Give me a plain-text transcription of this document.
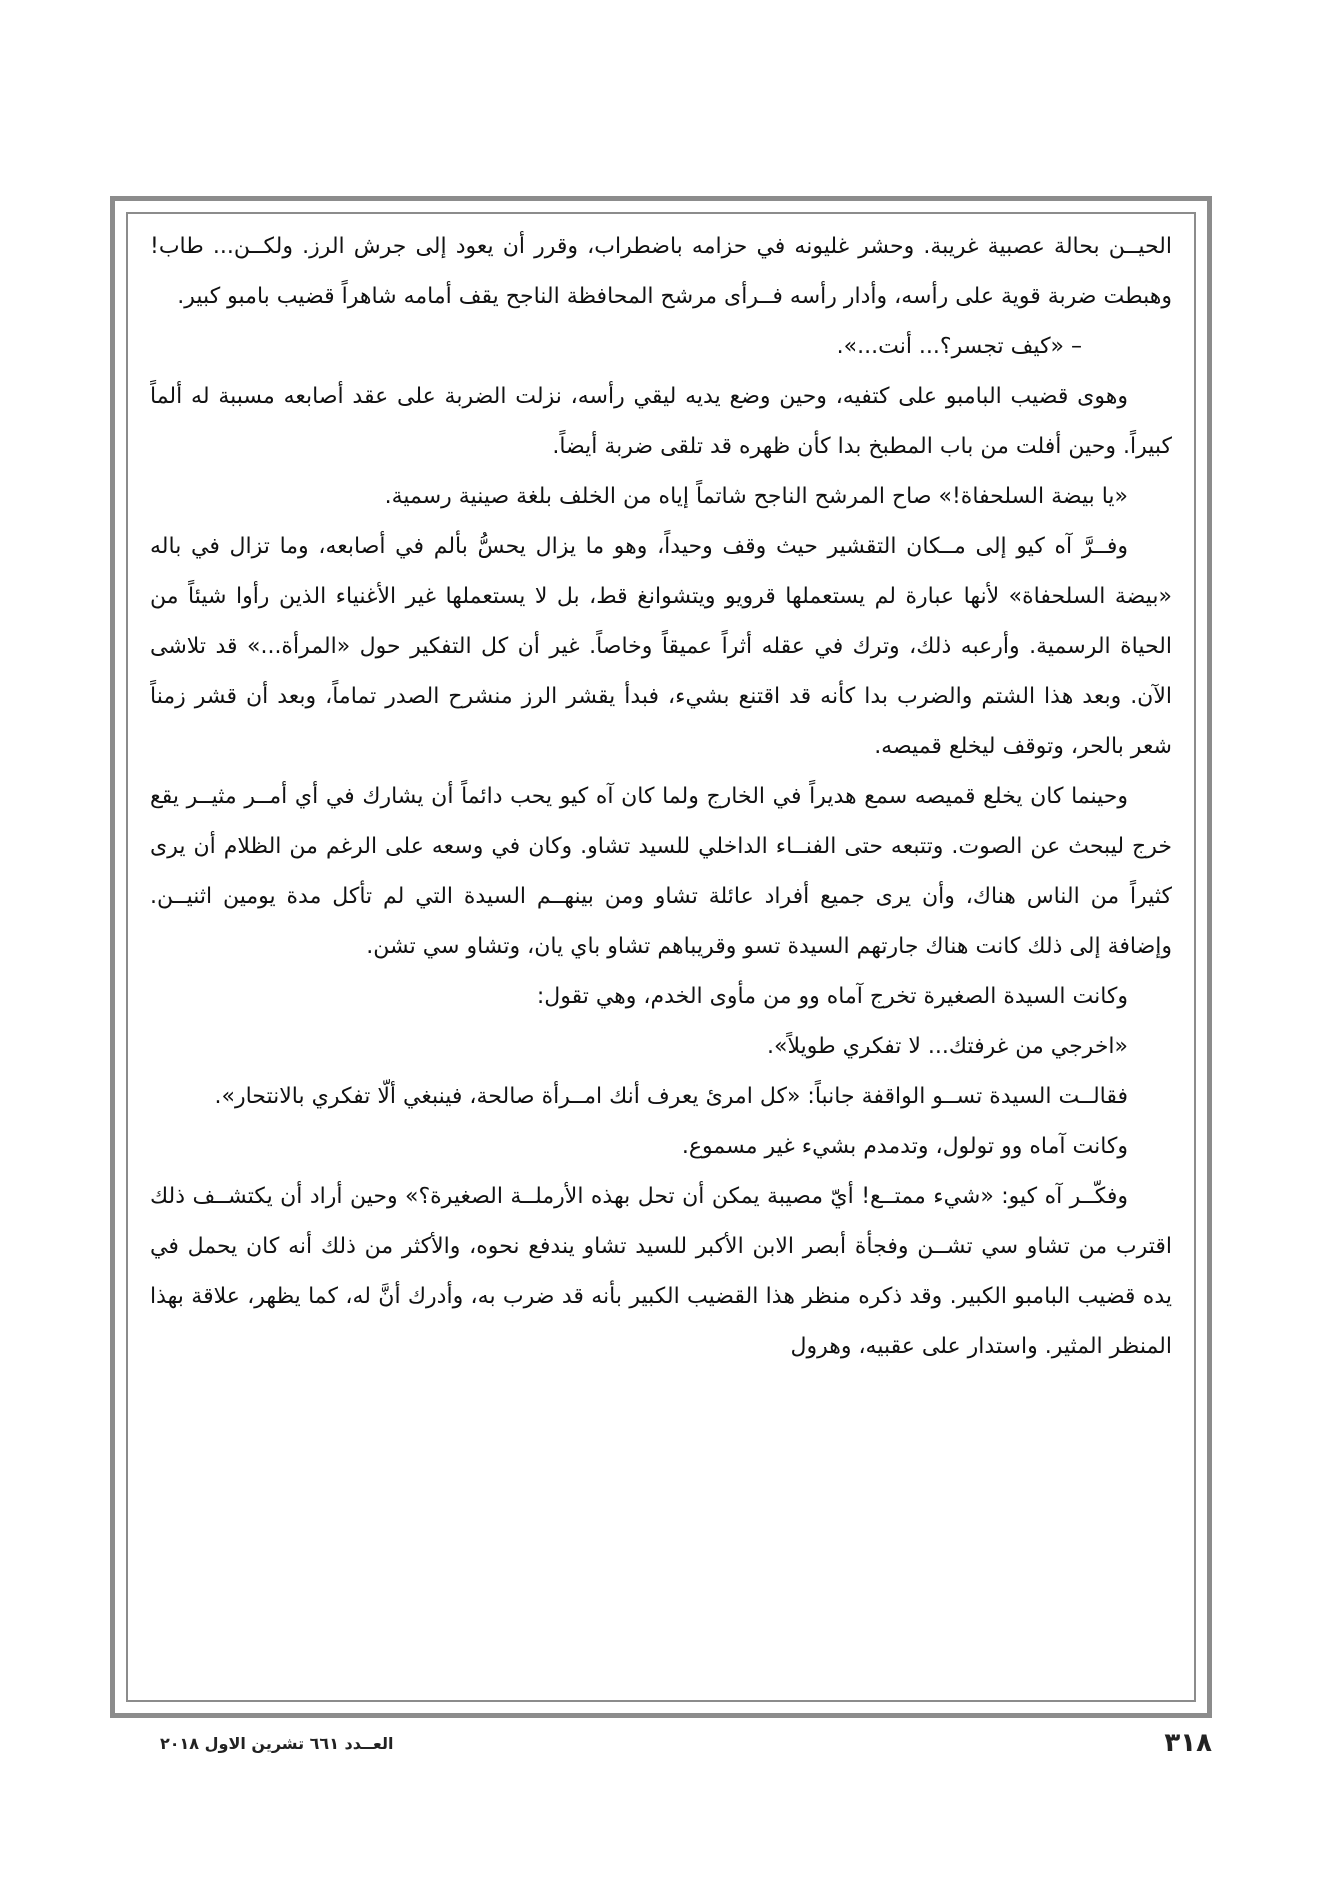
الحيــن بحالة عصبية غريبة. وحشر غليونه في حزامه باضطراب، وقرر أن يعود إلى جرش الرز. ولكــن... طاب! وهبطت ضربة قوية على رأسه، وأدار رأسه فــرأى مرشح المحافظة الناجح يقف أمامه شاهراً قضيب بامبو كبير.

– «كيف تجسر؟... أنت...».

وهوى قضيب البامبو على كتفيه، وحين وضع يديه ليقي رأسه، نزلت الضربة على عقد أصابعه مسببة له ألماً كبيراً. وحين أفلت من باب المطبخ بدا كأن ظهره قد تلقى ضربة أيضاً.

«يا بيضة السلحفاة!» صاح المرشح الناجح شاتماً إياه من الخلف بلغة صينية رسمية.

وفــرَّ آه كيو إلى مــكان التقشير حيث وقف وحيداً، وهو ما يزال يحسُّ بألم في أصابعه، وما تزال في باله «بيضة السلحفاة» لأنها عبارة لم يستعملها قرويو ويتشوانغ قط، بل لا يستعملها غير الأغنياء الذين رأوا شيئاً من الحياة الرسمية. وأرعبه ذلك، وترك في عقله أثراً عميقاً وخاصاً. غير أن كل التفكير حول «المرأة...» قد تلاشى الآن. وبعد هذا الشتم والضرب بدا كأنه قد اقتنع بشيء، فبدأ يقشر الرز منشرح الصدر تماماً، وبعد أن قشر زمناً شعر بالحر، وتوقف ليخلع قميصه.

وحينما كان يخلع قميصه سمع هديراً في الخارج ولما كان آه كيو يحب دائماً أن يشارك في أي أمــر مثيــر يقع خرج ليبحث عن الصوت. وتتبعه حتى الفنــاء الداخلي للسيد تشاو. وكان في وسعه على الرغم من الظلام أن يرى كثيراً من الناس هناك، وأن يرى جميع أفراد عائلة تشاو ومن بينهــم السيدة التي لم تأكل مدة يومين اثنيــن. وإضافة إلى ذلك كانت هناك جارتهم السيدة تسو وقريباهم تشاو باي يان، وتشاو سي تشن.

وكانت السيدة الصغيرة تخرج آماه وو من مأوى الخدم، وهي تقول:

«اخرجي من غرفتك... لا تفكري طويلاً».

فقالــت السيدة تســو الواقفة جانباً: «كل امرئ يعرف أنك امــرأة صالحة، فينبغي ألّا تفكري بالانتحار».

وكانت آماه وو تولول، وتدمدم بشيء غير مسموع.

وفكّــر آه كيو: «شيء ممتــع! أيّ مصيبة يمكن أن تحل بهذه الأرملــة الصغيرة؟» وحين أراد أن يكتشــف ذلك اقترب من تشاو سي تشــن وفجأة أبصر الابن الأكبر للسيد تشاو يندفع نحوه، والأكثر من ذلك أنه كان يحمل في يده قضيب البامبو الكبير. وقد ذكره منظر هذا القضيب الكبير بأنه قد ضرب به، وأدرك أنَّ له، كما يظهر، علاقة بهذا المنظر المثير. واستدار على عقبيه، وهرول

٣١٨
العــدد ٦٦١ تشرين الاول ٢٠١٨
